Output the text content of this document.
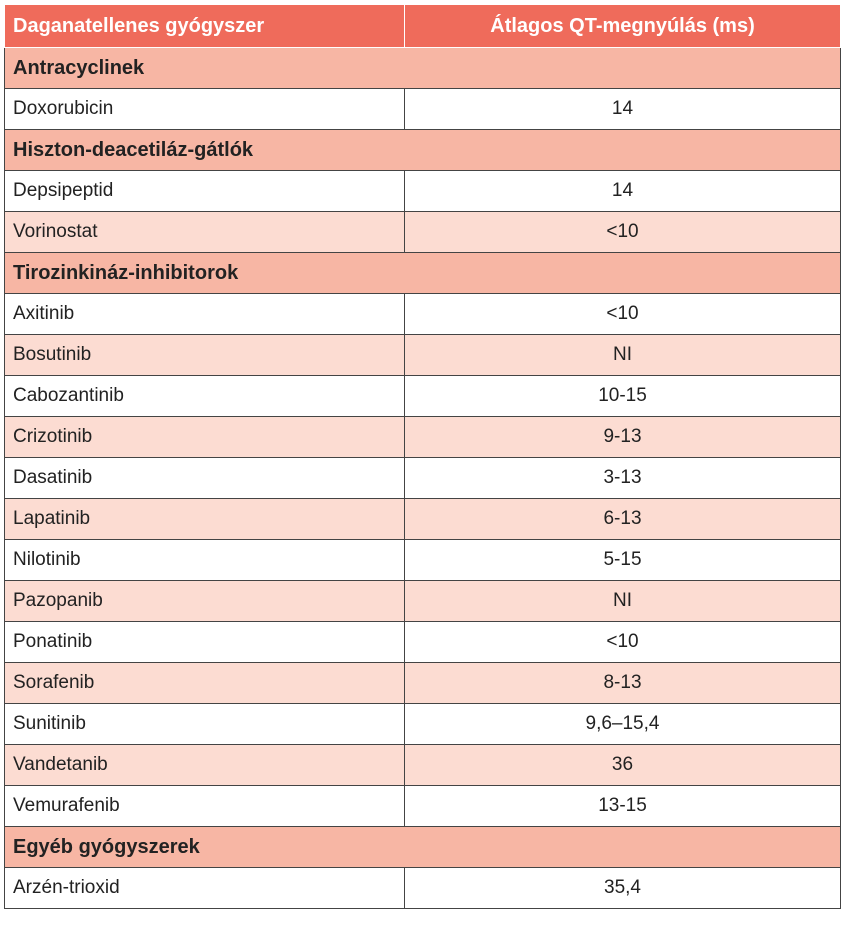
Daganatellenes gyógyszer	Átlagos QT-megnyúlás (ms)
Antracyclinek	
Doxorubicin	14
Hiszton-deacetiláz-gátlók	
Depsipeptid	14
Vorinostat	<10
Tirozinkináz-inhibitorok	
Axitinib	<10
Bosutinib	NI
Cabozantinib	10-15
Crizotinib	9-13
Dasatinib	3-13
Lapatinib	6-13
Nilotinib	5-15
Pazopanib	NI
Ponatinib	<10
Sorafenib	8-13
Sunitinib	9,6–15,4
Vandetanib	36
Vemurafenib	13-15
Egyéb gyógyszerek	
Arzén-trioxid	35,4
